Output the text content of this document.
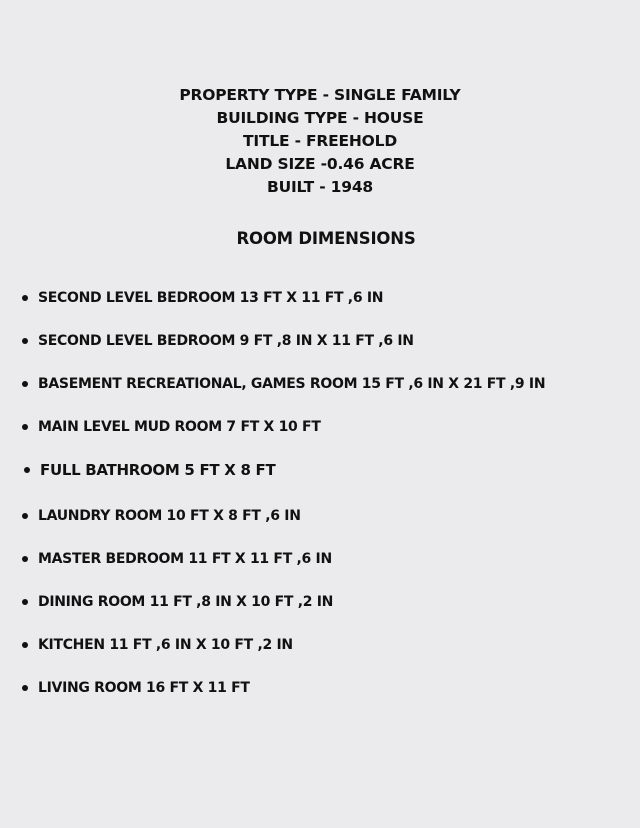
PROPERTY TYPE - SINGLE FAMILY
BUILDING TYPE - HOUSE
TITLE - FREEHOLD
LAND SIZE -0.46 ACRE
BUILT - 1948
ROOM DIMENSIONS
SECOND LEVEL BEDROOM 13 FT X 11 FT ,6 IN
SECOND LEVEL BEDROOM 9 FT ,8 IN X 11 FT ,6 IN
BASEMENT RECREATIONAL, GAMES ROOM 15 FT ,6 IN X 21 FT ,9 IN
MAIN LEVEL MUD ROOM 7 FT X 10 FT
FULL BATHROOM 5 FT X 8 FT
LAUNDRY ROOM 10 FT X 8 FT ,6 IN
MASTER BEDROOM 11 FT X 11 FT ,6 IN
DINING ROOM 11 FT ,8 IN X 10 FT ,2 IN
KITCHEN 11 FT ,6 IN X 10 FT ,2 IN
LIVING ROOM 16 FT X 11 FT
